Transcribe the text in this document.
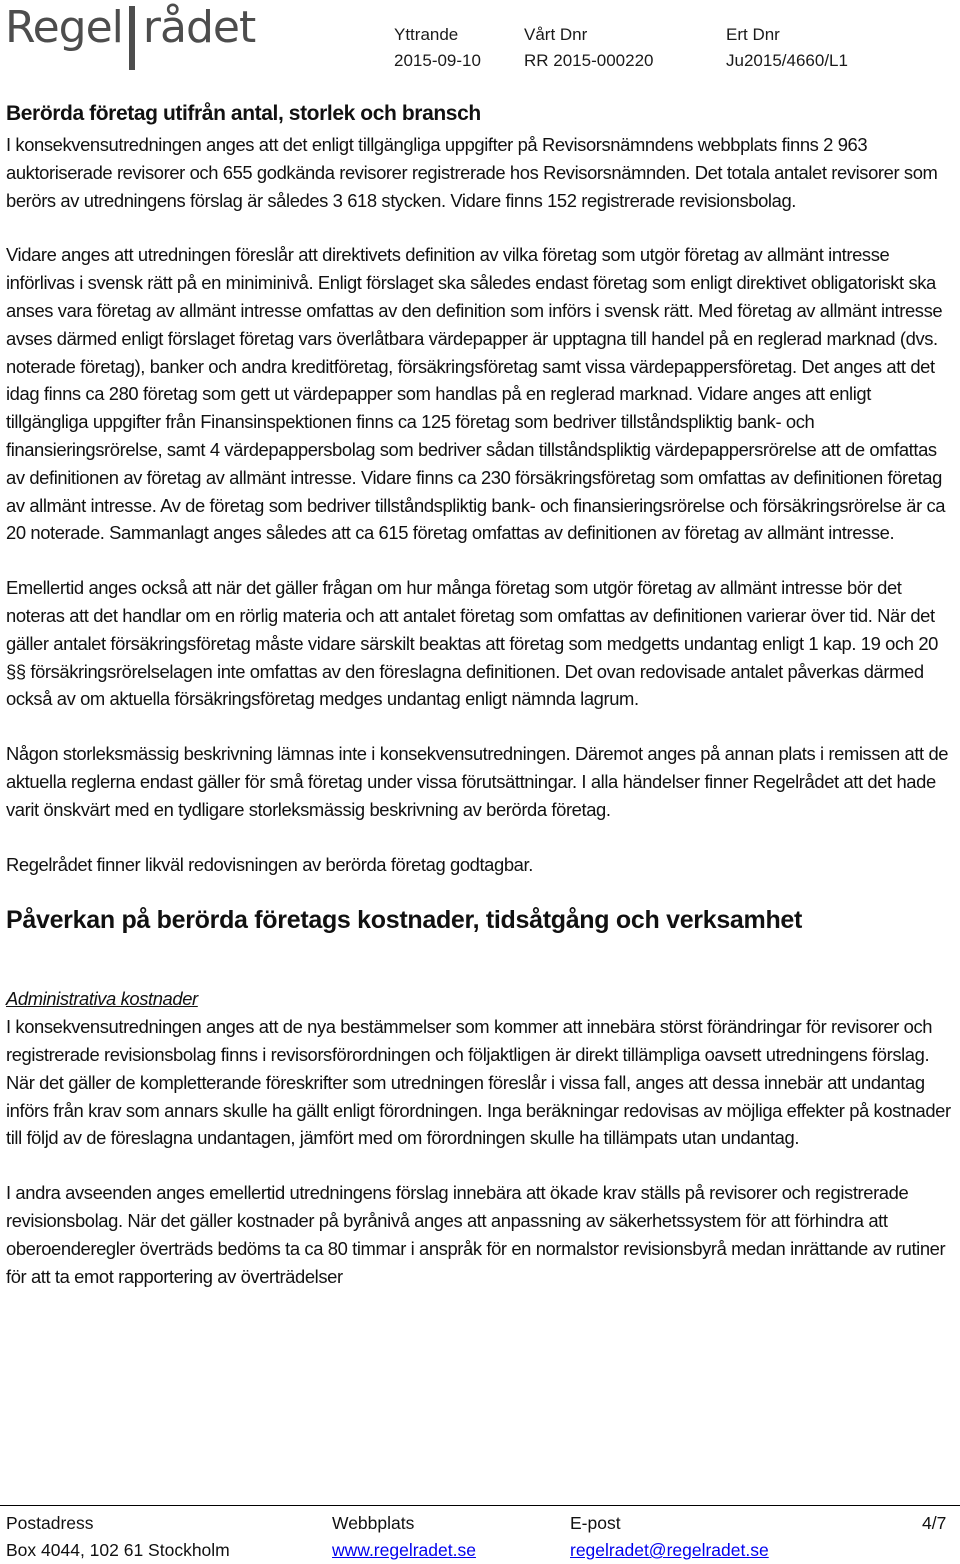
Regel rådet	Yttrande
2015-09-10
Vårt Dnr
RR 2015-000220
Ert Dnr
Ju2015/4660/L1
Berörda företag utifrån antal, storlek och bransch

I konsekvensutredningen anges att det enligt tillgängliga uppgifter på Revisorsnämndens webbplats finns 2 963 auktoriserade revisorer och 655 godkända revisorer registrerade hos Revisorsnämnden. Det totala antalet revisorer som berörs av utredningens förslag är således 3 618 stycken. Vidare finns 152 registrerade revisionsbolag.

Vidare anges att utredningen föreslår att direktivets definition av vilka företag som utgör företag av allmänt intresse införlivas i svensk rätt på en miniminivå. Enligt förslaget ska således endast företag som enligt direktivet obligatoriskt ska anses vara företag av allmänt intresse omfattas av den definition som införs i svensk rätt. Med företag av allmänt intresse avses därmed enligt förslaget företag vars överlåtbara värdepapper är upptagna till handel på en reglerad marknad (dvs. noterade företag), banker och andra kreditföretag, försäkringsföretag samt vissa värdepappersföretag. Det anges att det idag finns ca 280 företag som gett ut värdepapper som handlas på en reglerad marknad. Vidare anges att enligt tillgängliga uppgifter från Finansinspektionen finns ca 125 företag som bedriver tillståndspliktig bank- och finansieringsrörelse, samt 4 värdepappersbolag som bedriver sådan tillståndspliktig värdepappersrörelse att de omfattas av definitionen av företag av allmänt intresse. Vidare finns ca 230 försäkringsföretag som omfattas av definitionen företag av allmänt intresse. Av de företag som bedriver tillståndspliktig bank- och finansieringsrörelse och försäkringsrörelse är ca 20 noterade. Sammanlagt anges således att ca 615 företag omfattas av definitionen av företag av allmänt intresse.

Emellertid anges också att när det gäller frågan om hur många företag som utgör företag av allmänt intresse bör det noteras att det handlar om en rörlig materia och att antalet företag som omfattas av definitionen varierar över tid. När det gäller antalet försäkringsföretag måste vidare särskilt beaktas att företag som medgetts undantag enligt 1 kap. 19 och 20 §§ försäkringsrörelselagen inte omfattas av den föreslagna definitionen. Det ovan redovisade antalet påverkas därmed också av om aktuella försäkringsföretag medges undantag enligt nämnda lagrum.

Någon storleksmässig beskrivning lämnas inte i konsekvensutredningen. Däremot anges på annan plats i remissen att de aktuella reglerna endast gäller för små företag under vissa förutsättningar. I alla händelser finner Regelrådet att det hade varit önskvärt med en tydligare storleksmässig beskrivning av berörda företag.

Regelrådet finner likväl redovisningen av berörda företag godtagbar.

Påverkan på berörda företags kostnader, tidsåtgång och verksamhet
Administrativa kostnader

I konsekvensutredningen anges att de nya bestämmelser som kommer att innebära störst förändringar för revisorer och registrerade revisionsbolag finns i revisorsförordningen och följaktligen är direkt tillämpliga oavsett utredningens förslag. När det gäller de kompletterande föreskrifter som utredningen föreslår i vissa fall, anges att dessa innebär att undantag införs från krav som annars skulle ha gällt enligt förordningen. Inga beräkningar redovisas av möjliga effekter på kostnader till följd av de föreslagna undantagen, jämfört med om förordningen skulle ha tillämpats utan undantag.

I andra avseenden anges emellertid utredningens förslag innebära att ökade krav ställs på revisorer och registrerade revisionsbolag. När det gäller kostnader på byrånivå anges att anpassning av säkerhetssystem för att förhindra att oberoenderegler överträds bedöms ta ca 80 timmar i anspråk för en normalstor revisionsbyrå medan inrättande av rutiner för att ta emot rapportering av överträdelser

Postadress
Box 4044, 102 61 Stockholm
Webbplats
www.regelradet.se
E-post
regelradet@regelradet.se
4/7
